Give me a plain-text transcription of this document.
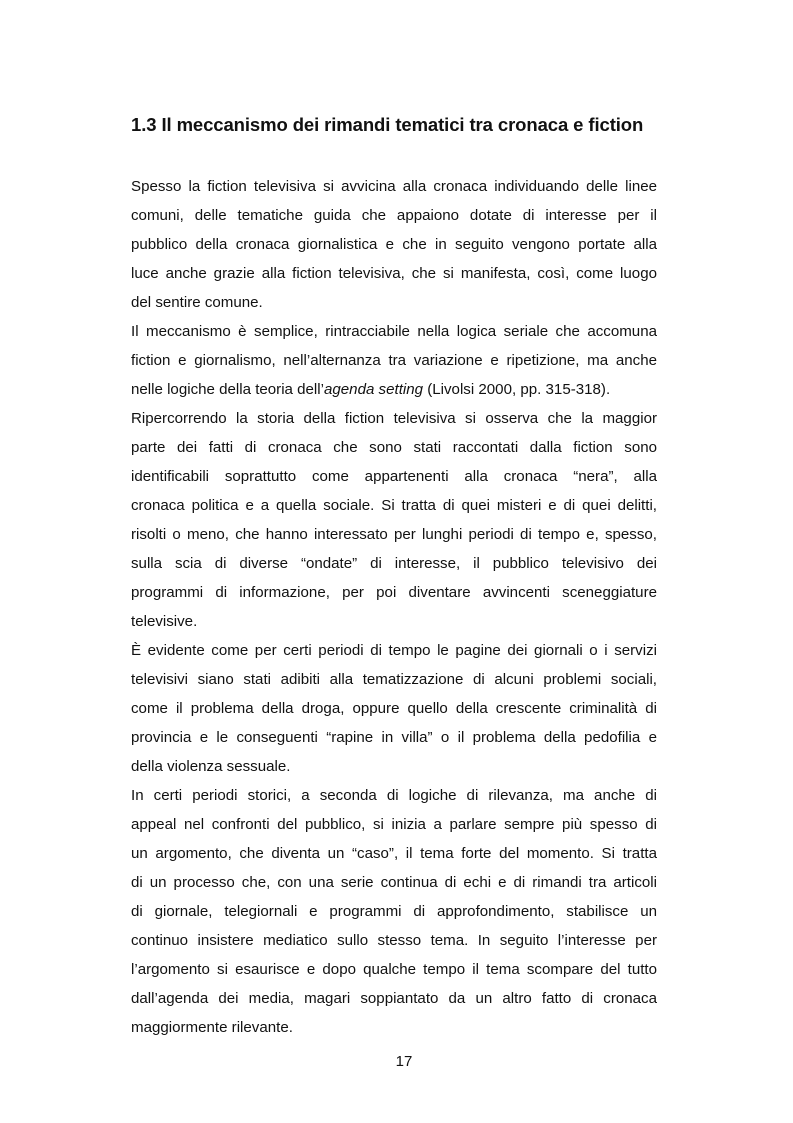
1.3 Il meccanismo dei rimandi tematici tra cronaca e fiction

Spesso la fiction televisiva si avvicina alla cronaca individuando delle linee
comuni, delle tematiche guida che appaiono dotate di interesse per il
pubblico della cronaca giornalistica e che in seguito vengono portate alla
luce anche grazie alla fiction televisiva, che si manifesta, così, come luogo
del sentire comune.

Il meccanismo è semplice, rintracciabile nella logica seriale che accomuna
fiction e giornalismo, nell’alternanza tra variazione e ripetizione, ma anche
nelle logiche della teoria dell’agenda setting (Livolsi 2000, pp. 315-318).

Ripercorrendo la storia della fiction televisiva si osserva che la maggior
parte dei fatti di cronaca che sono stati raccontati dalla fiction sono
identificabili soprattutto come appartenenti alla cronaca “nera”, alla
cronaca politica e a quella sociale. Si tratta di quei misteri e di quei delitti,
risolti o meno, che hanno interessato per lunghi periodi di tempo e, spesso,
sulla scia di diverse “ondate” di interesse, il pubblico televisivo dei
programmi di informazione, per poi diventare avvincenti sceneggiature
televisive.

È evidente come per certi periodi di tempo le pagine dei giornali o i servizi
televisivi siano stati adibiti alla tematizzazione di alcuni problemi sociali,
come il problema della droga, oppure quello della crescente criminalità di
provincia e le conseguenti “rapine in villa” o il problema della pedofilia e
della violenza sessuale.

In certi periodi storici, a seconda di logiche di rilevanza, ma anche di
appeal nel confronti del pubblico, si inizia a parlare sempre più spesso di
un argomento, che diventa un “caso”, il tema forte del momento. Si tratta
di un processo che, con una serie continua di echi e di rimandi tra articoli
di giornale, telegiornali e programmi di approfondimento, stabilisce un
continuo insistere mediatico sullo stesso tema. In seguito l’interesse per
l’argomento si esaurisce e dopo qualche tempo il tema scompare del tutto
dall’agenda dei media, magari soppiantato da un altro fatto di cronaca
maggiormente rilevante.

17
